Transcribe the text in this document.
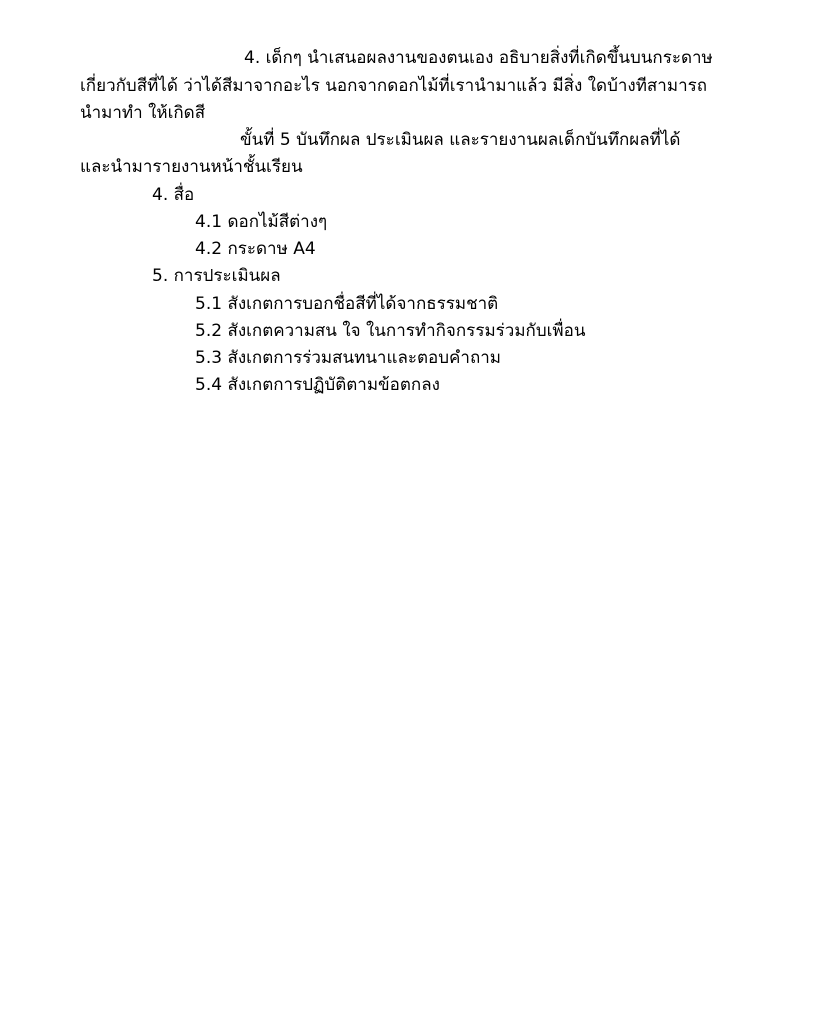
4. เด็กๆ นำเสนอผลงานของตนเอง อธิบายสิ่งที่เกิดขึ้นบนกระดาษ
เกี่ยวกับสีที่ได้ ว่าได้สีมาจากอะไร นอกจากดอกไม้ที่เรานำมาแล้ว มีสิ่ง ใดบ้างทีสามารถ
นำมาทำ ให้เกิดสี
ขั้นที่ 5 บันทึกผล ประเมินผล และรายงานผลเด็กบันทึกผลที่ได้
และนำมารายงานหน้าชั้นเรียน
4. สื่อ
4.1 ดอกไม้สีต่างๆ
4.2 กระดาษ A4
5. การประเมินผล
5.1 สังเกตการบอกชื่อสีที่ได้จากธรรมชาติ
5.2 สังเกตความสน ใจ ในการทำกิจกรรมร่วมกับเพื่อน
5.3 สังเกตการร่วมสนทนาและตอบคำถาม
5.4 สังเกตการปฏิบัติตามข้อตกลง
